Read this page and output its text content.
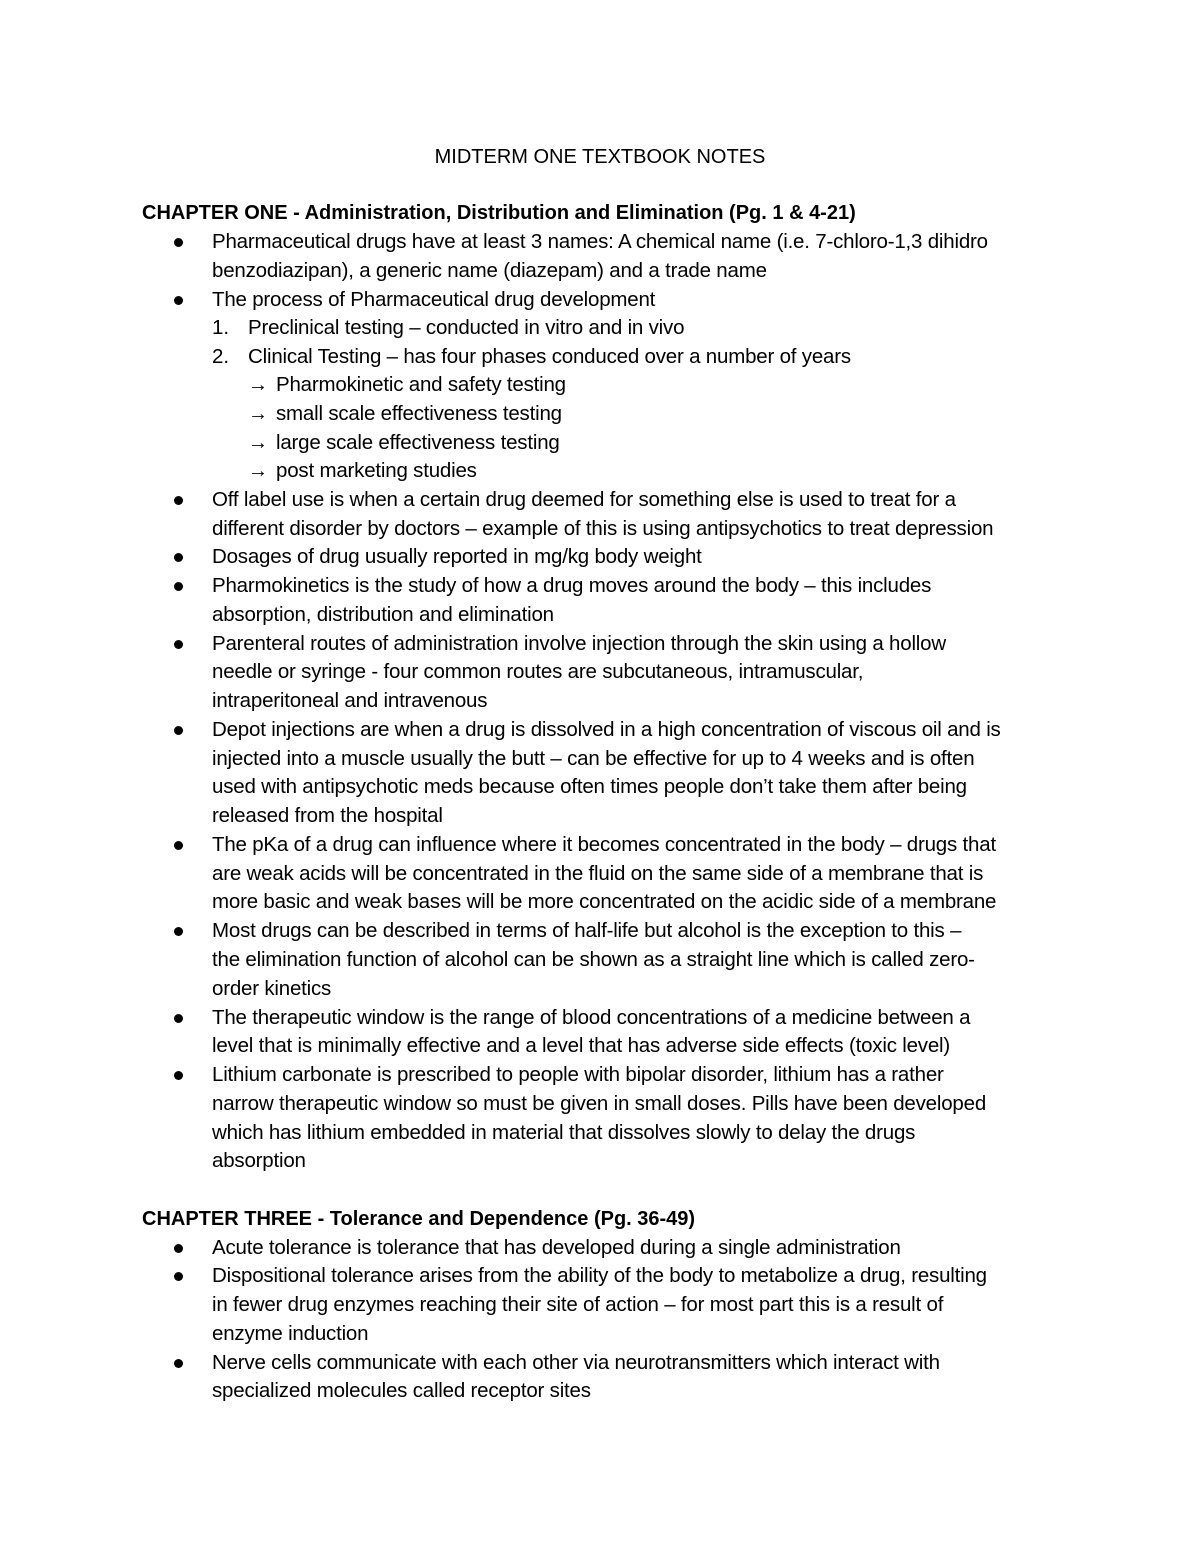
MIDTERM ONE TEXTBOOK NOTES
CHAPTER ONE - Administration, Distribution and Elimination (Pg. 1 & 4-21)
Pharmaceutical drugs have at least 3 names: A chemical name (i.e. 7-chloro-1,3 dihidro
benzodiazipan), a generic name (diazepam) and a trade name
The process of Pharmaceutical drug development
1. Preclinical testing – conducted in vitro and in vivo
2. Clinical Testing – has four phases conduced over a number of years
→ Pharmokinetic and safety testing
→ small scale effectiveness testing
→ large scale effectiveness testing
→ post marketing studies
Off label use is when a certain drug deemed for something else is used to treat for a
different disorder by doctors – example of this is using antipsychotics to treat depression
Dosages of drug usually reported in mg/kg body weight
Pharmokinetics is the study of how a drug moves around the body – this includes
absorption, distribution and elimination
Parenteral routes of administration involve injection through the skin using a hollow
needle or syringe - four common routes are subcutaneous, intramuscular,
intraperitoneal and intravenous
Depot injections are when a drug is dissolved in a high concentration of viscous oil and is
injected into a muscle usually the butt – can be effective for up to 4 weeks and is often
used with antipsychotic meds because often times people don’t take them after being
released from the hospital
The pKa of a drug can influence where it becomes concentrated in the body – drugs that
are weak acids will be concentrated in the fluid on the same side of a membrane that is
more basic and weak bases will be more concentrated on the acidic side of a membrane
Most drugs can be described in terms of half-life but alcohol is the exception to this –
the elimination function of alcohol can be shown as a straight line which is called zero-
order kinetics
The therapeutic window is the range of blood concentrations of a medicine between a
level that is minimally effective and a level that has adverse side effects (toxic level)
Lithium carbonate is prescribed to people with bipolar disorder, lithium has a rather
narrow therapeutic window so must be given in small doses. Pills have been developed
which has lithium embedded in material that dissolves slowly to delay the drugs
absorption
CHAPTER THREE - Tolerance and Dependence (Pg. 36-49)
Acute tolerance is tolerance that has developed during a single administration
Dispositional tolerance arises from the ability of the body to metabolize a drug, resulting
in fewer drug enzymes reaching their site of action – for most part this is a result of
enzyme induction
Nerve cells communicate with each other via neurotransmitters which interact with
specialized molecules called receptor sites
